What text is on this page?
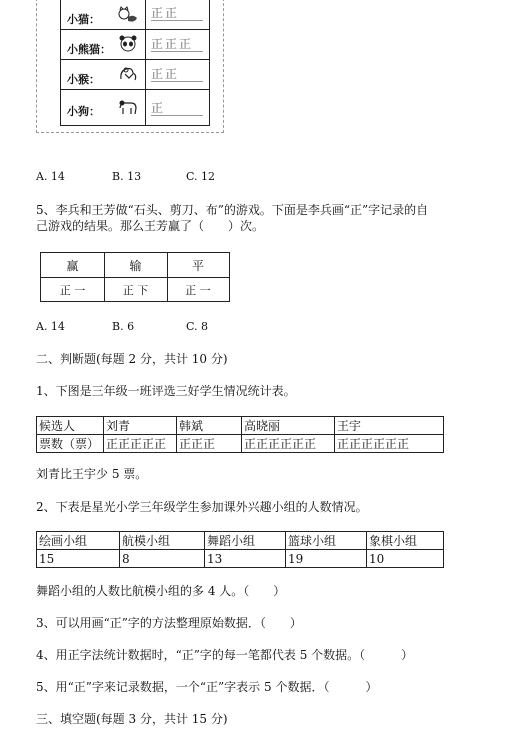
小猫：	正正
小熊猫：	正正正
小猴：	正正
小狗：	正
A. 14	B. 13	C. 12
5、李兵和王芳做“石头、剪刀、布”的游戏。下面是李兵画“正”字记录的自
己游戏的结果。那么王芳赢了（　　）次。
赢	输	平
正 一	正 下	正 一
A. 14	B. 6	C. 8
二、判断题(每题 2 分，共计 10 分)
1、下图是三年级一班评选三好学生情况统计表。
候选人	刘青	韩斌	高晓丽	王宇
票数（票）	正正正正正	正正正	正正正正正正	正正正正正正
刘青比王宇少 5 票。
2、下表是星光小学三年级学生参加课外兴趣小组的人数情况。
绘画小组	航模小组	舞蹈小组	篮球小组	象棋小组
15	8	13	19	10
舞蹈小组的人数比航模小组的多 4 人。（　　）
3、可以用画“正”字的方法整理原始数据．（　　）
4、用正字法统计数据时，“正”字的每一笔都代表 5 个数据。（　　　）
5、用“正”字来记录数据，一个“正”字表示 5 个数据．（　　　）
三、填空题(每题 3 分，共计 15 分)
